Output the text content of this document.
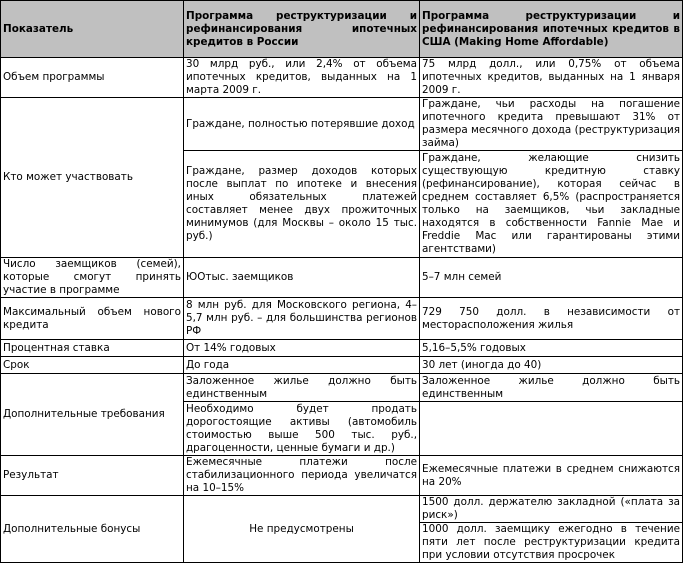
Показатель	Программа реструктуризации и рефинансирования ипотечных кредитов в России	Программа реструктуризации и рефинансирования ипотечных кредитов в США (Making Home Affordable)
Объем программы	30 млрд руб., или 2,4% от объема ипотечных кредитов, выданных на 1 марта 2009 г.	75 млрд долл., или 0,75% от объема ипотечных кредитов, выданных на 1 января 2009 г.
Кто может участвовать	Граждане, полностью потерявшие доход	Граждане, чьи расходы на погашение ипотечного кредита превышают 31% от размера месячного дохода (реструктуризация займа)
	Граждане, размер доходов которых после выплат по ипотеке и внесения иных обязательных платежей составляет менее двух прожиточных минимумов (для Москвы – около 15 тыс. руб.)	Граждане, желающие снизить существующую кредитную ставку (рефинансирование), которая сейчас в среднем составляет 6,5% (распространяется только на заемщиков, чьи закладные находятся в собственности Fannie Mae и Freddie Mac или гарантированы этими агентствами)
Число заемщиков (семей), которые смогут принять участие в программе	ЮОтыс. заемщиков	5–7 млн семей
Максимальный объем нового кредита	8 млн руб. для Московского региона, 4–5,7 млн руб. – для большинства регионов РФ	729 750 долл. в независимости от месторасположения жилья
Процентная ставка	От 14% годовых	5,16–5,5% годовых
Срок	До года	30 лет (иногда до 40)
Дополнительные требования	Заложенное жилье должно быть единственным	Заложенное жилье должно быть единственным
	Необходимо будет продать дорогостоящие активы (автомобиль стоимостью выше 500 тыс. руб., драгоценности, ценные бумаги и др.)	
Результат	Ежемесячные платежи после стабилизационного периода увеличатся на 10–15%	Ежемесячные платежи в среднем снижаются на 20%
Дополнительные бонусы	Не предусмотрены	1500 долл. держателю закладной («плата за риск»)
		1000 долл. заемщику ежегодно в течение пяти лет после реструктуризации кредита при условии отсутствия просрочек
